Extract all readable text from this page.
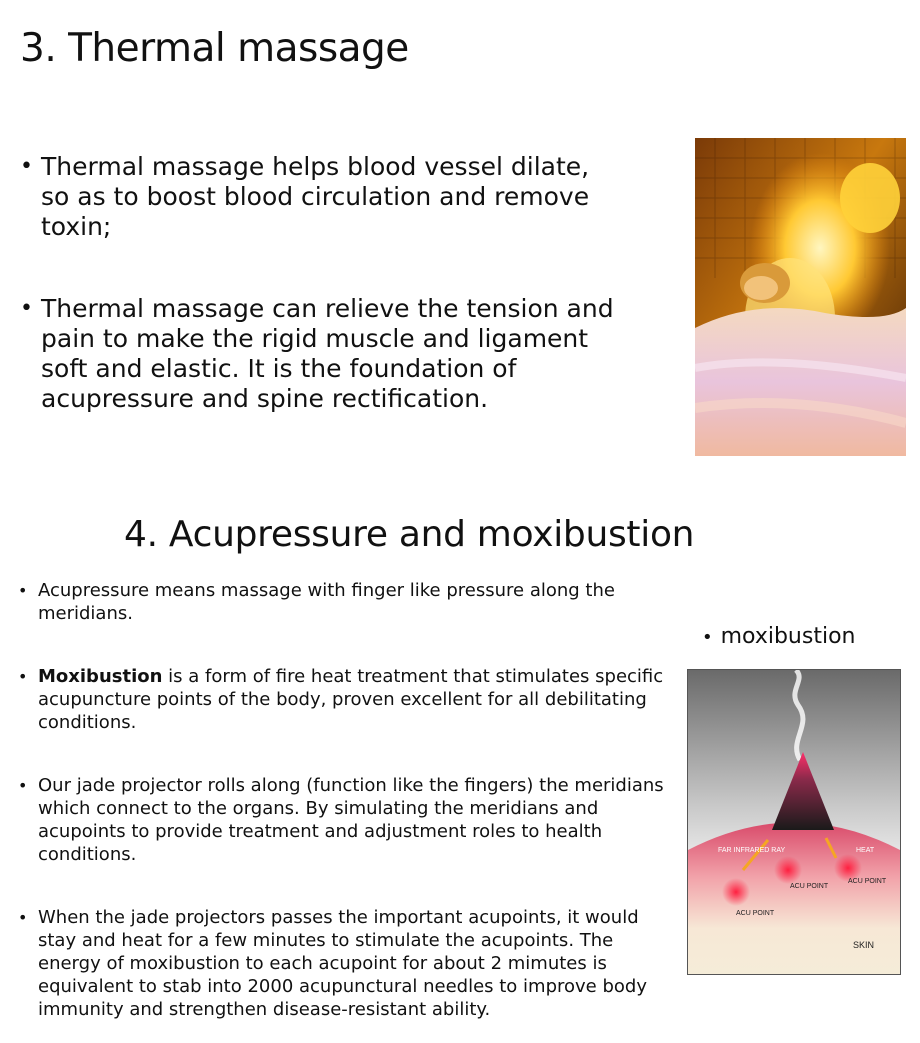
3. Thermal massage
• Thermal massage helps blood vessel dilate, so as to boost blood circulation and remove toxin;
• Thermal massage can relieve the tension and pain to make the rigid muscle and ligament soft and elastic. It is the foundation of acupressure and spine rectification.
4. Acupressure and moxibustion
• Acupressure means massage with finger like pressure along the meridians.
• Moxibustion is a form of fire heat treatment that stimulates specific acupuncture points of the body, proven excellent for all debilitating conditions.
• Our jade projector rolls along (function like the fingers) the meridians which connect to the organs. By simulating the meridians and acupoints to provide treatment and adjustment roles to health conditions.
• When the jade projectors passes the important acupoints, it would stay and heat for a few minutes to stimulate the acupoints. The energy of moxibustion to each acupoint for about 2 mimutes is equivalent to stab into 2000 acupunctural needles to improve body immunity and strengthen disease-resistant ability.
• moxibustion
FAR INFRARED RAY	HEAT
ACU POINT
ACU POINT
ACU POINT
SKIN
